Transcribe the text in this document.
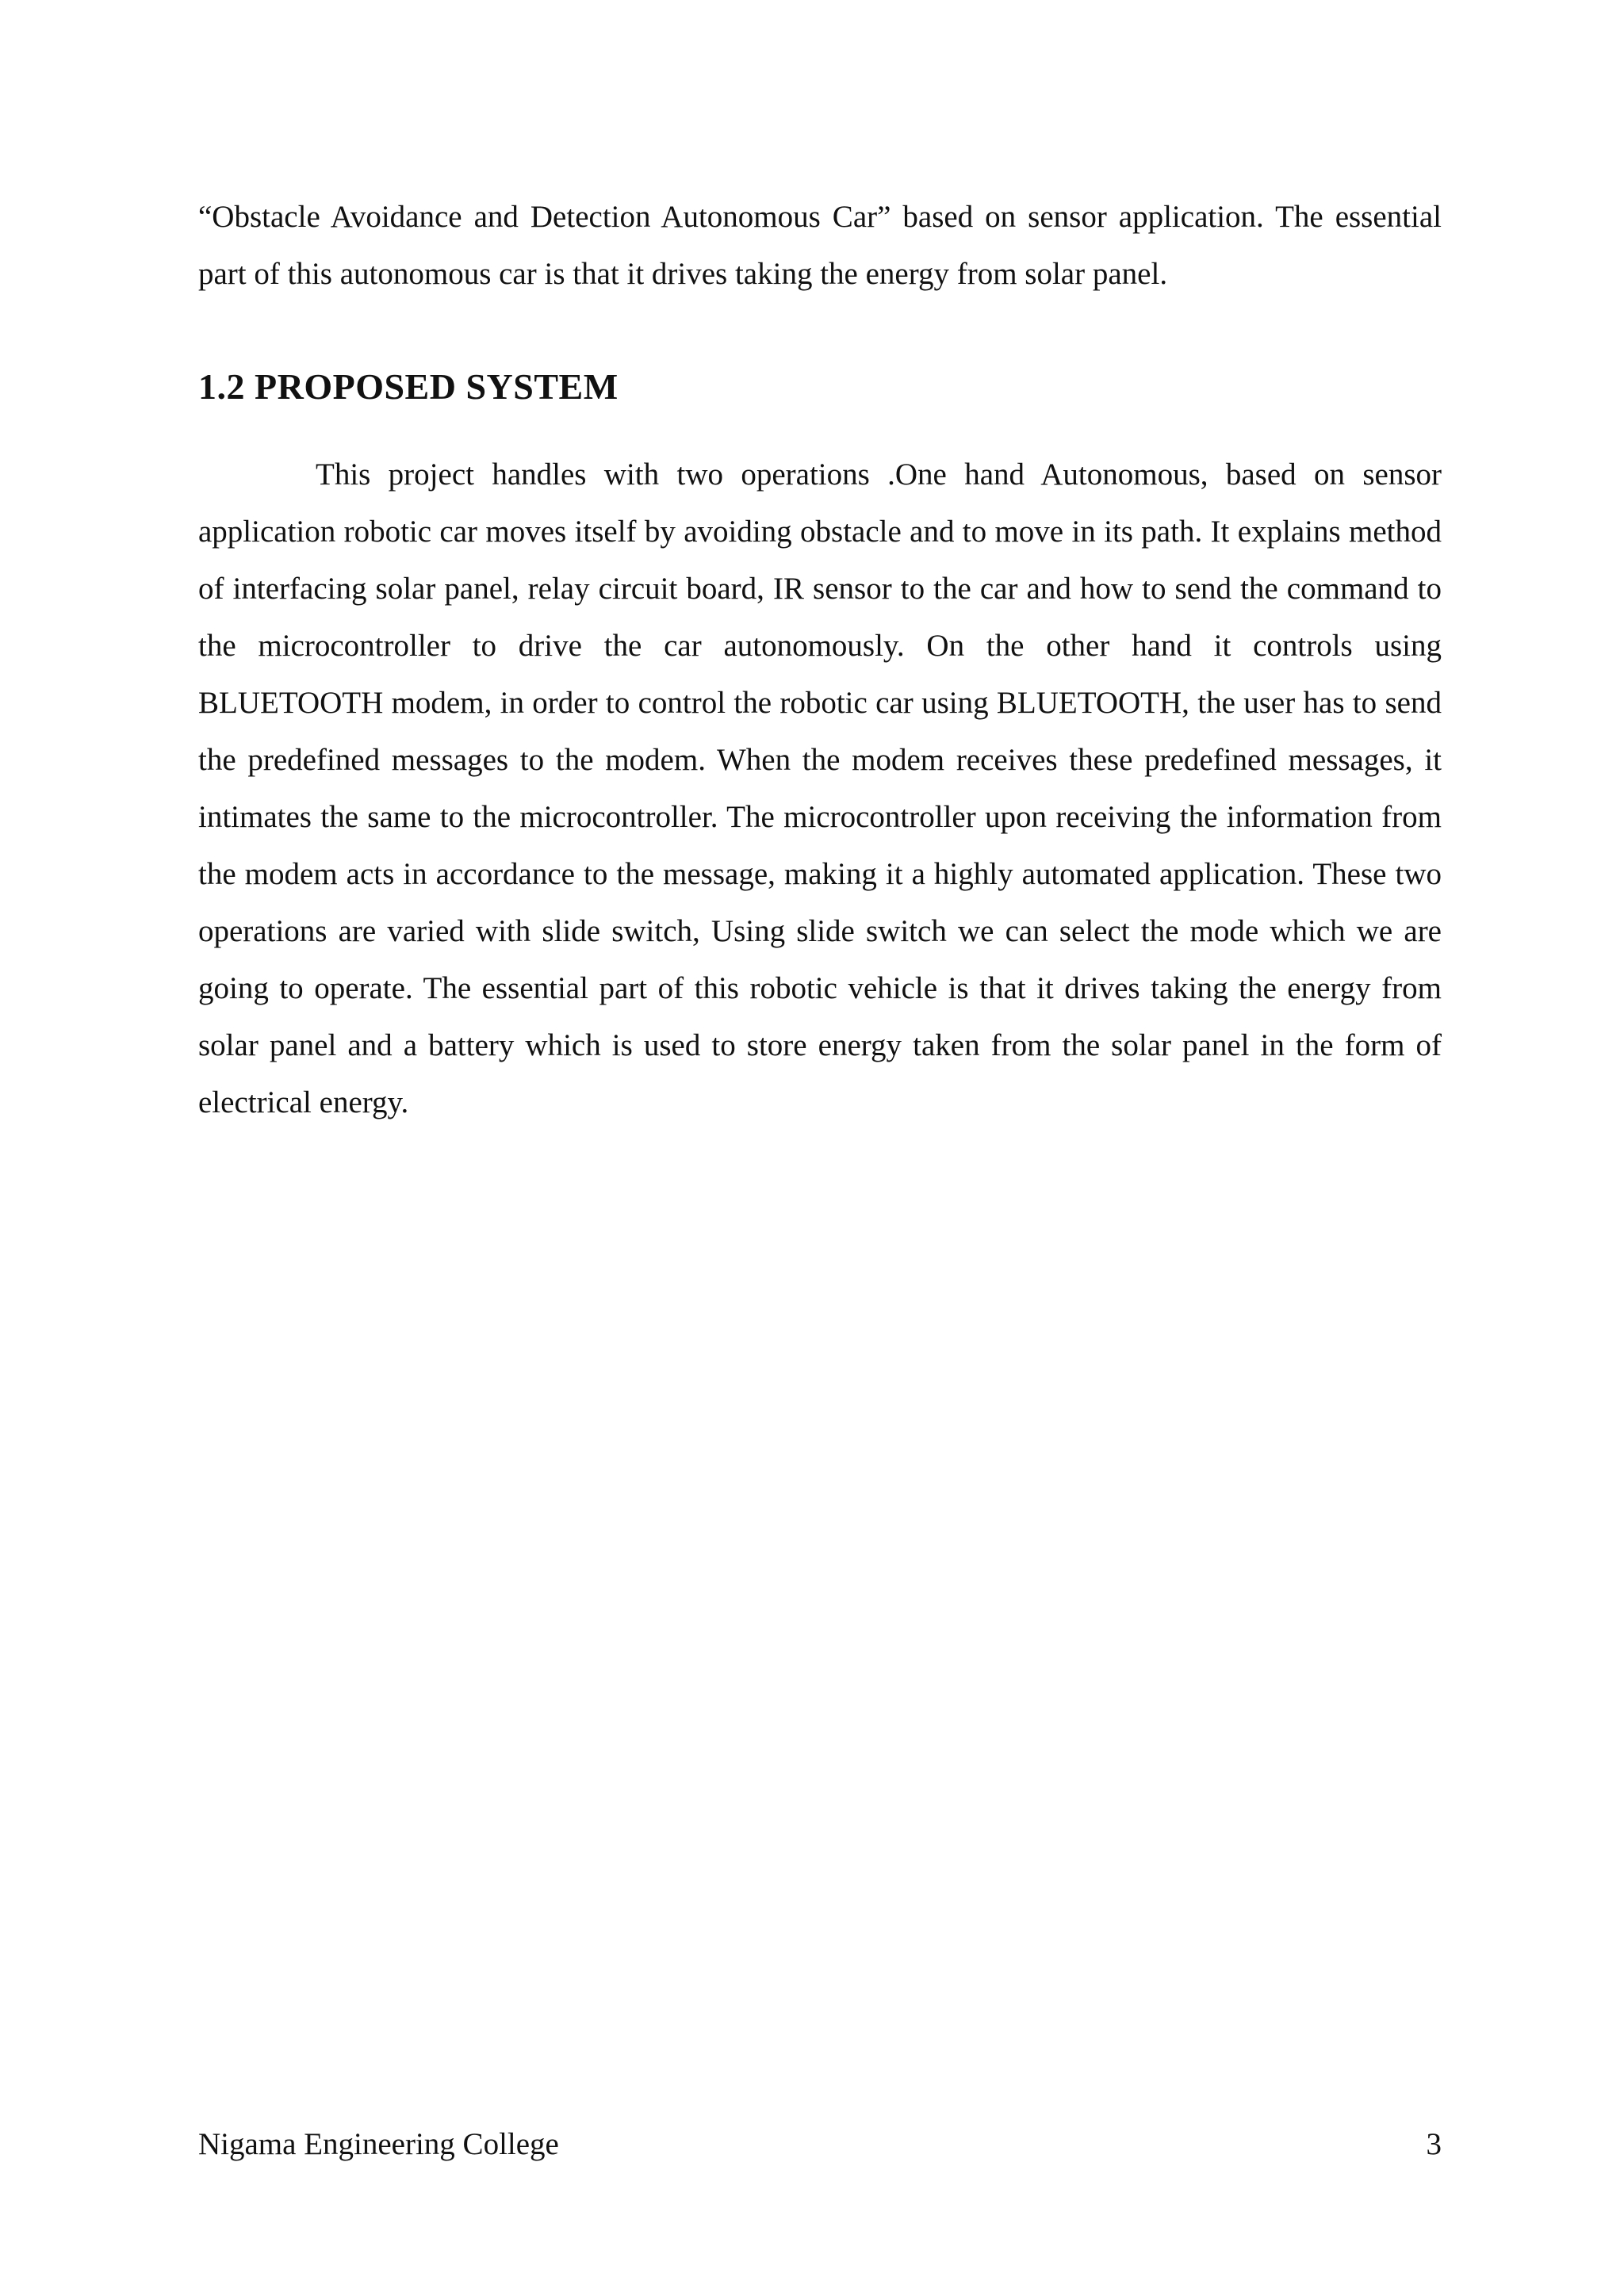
“Obstacle Avoidance and Detection Autonomous Car” based on sensor application. The essential part of this autonomous car is that it drives taking the energy from solar panel.

1.2 PROPOSED SYSTEM

This project handles with two operations .One hand Autonomous, based on sensor application robotic car moves itself by avoiding obstacle and to move in its path. It explains method of interfacing solar panel, relay circuit board, IR sensor to the car and how to send the command to the microcontroller to drive the car autonomously. On the other hand it controls using BLUETOOTH modem, in order to control the robotic car using BLUETOOTH, the user has to send the predefined messages to the modem. When the modem receives these predefined messages, it intimates the same to the microcontroller. The microcontroller upon receiving the information from the modem acts in accordance to the message, making it a highly automated application. These two operations are varied with slide switch, Using slide switch we can select the mode which we are going to operate. The essential part of this robotic vehicle is that it drives taking the energy from solar panel and a battery which is used to store energy taken from the solar panel in the form of electrical energy.

Nigama Engineering College	3
